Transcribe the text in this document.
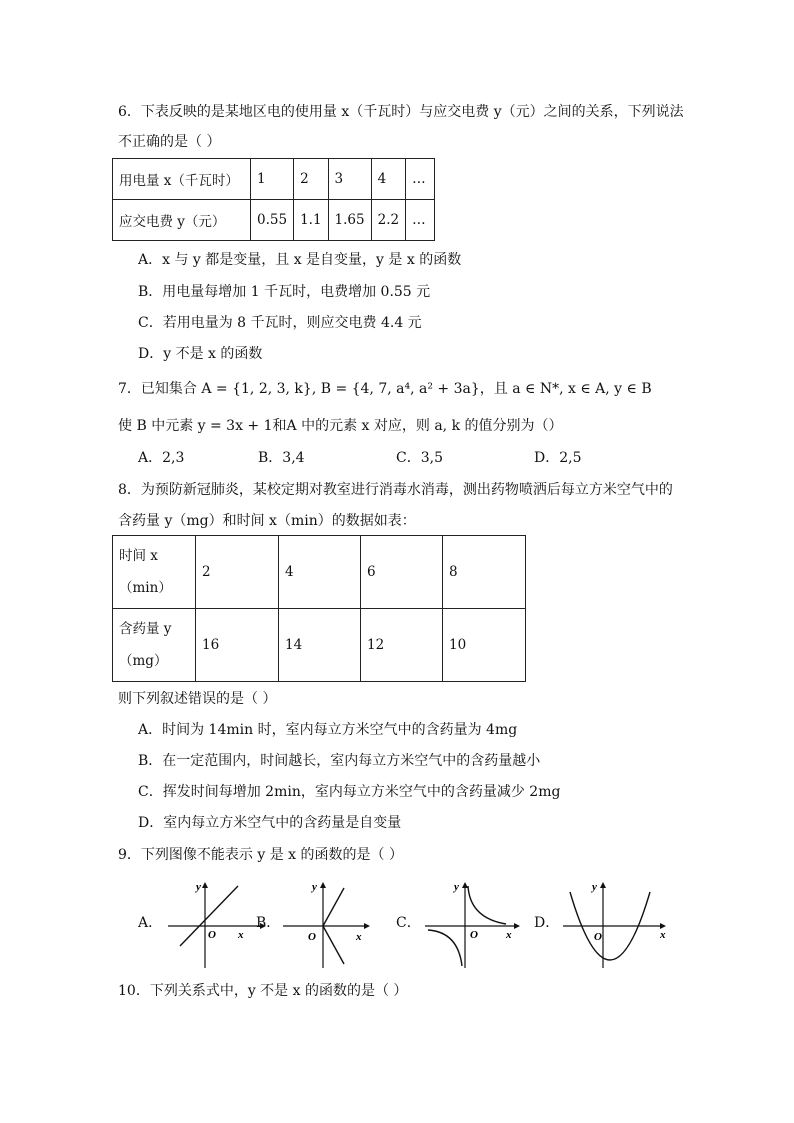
6．下表反映的是某地区电的使用量 x（千瓦时）与应交电费 y（元）之间的关系，下列说法
不正确的是（ ）
用电量 x（千瓦时）	1	2	3	4	…
应交电费 y（元）	0.55	1.1	1.65	2.2	…
A．x 与 y 都是变量，且 x 是自变量，y 是 x 的函数
B．用电量每增加 1 千瓦时，电费增加 0.55 元
C．若用电量为 8 千瓦时，则应交电费 4.4 元
D．y 不是 x 的函数
7．已知集合 A = {1, 2, 3, k}, B = {4, 7, a⁴, a² + 3a}，且 a ∈ N*, x ∈ A, y ∈ B
使 B 中元素 y = 3x + 1和A 中的元素 x 对应，则 a, k 的值分别为（）
A．2,3	B．3,4	C．3,5	D．2,5
8．为预防新冠肺炎，某校定期对教室进行消毒水消毒，测出药物喷洒后每立方米空气中的
含药量 y（mg）和时间 x（min）的数据如表：
时间 x
（min）	2	4	6	8

含药量 y
（mg）	16	14	12	10
则下列叙述错误的是（ ）
A．时间为 14min 时，室内每立方米空气中的含药量为 4mg
B．在一定范围内，时间越长，室内每立方米空气中的含药量越小
C．挥发时间每增加 2min，室内每立方米空气中的含药量减少 2mg
D．室内每立方米空气中的含药量是自变量
9．下列图像不能表示 y 是 x 的函数的是（ ）
A．
y
O x
B．
y
O	x
C．
y
O	x
D．
y
O	x
10．下列关系式中，y 不是 x 的函数的是（ ）
